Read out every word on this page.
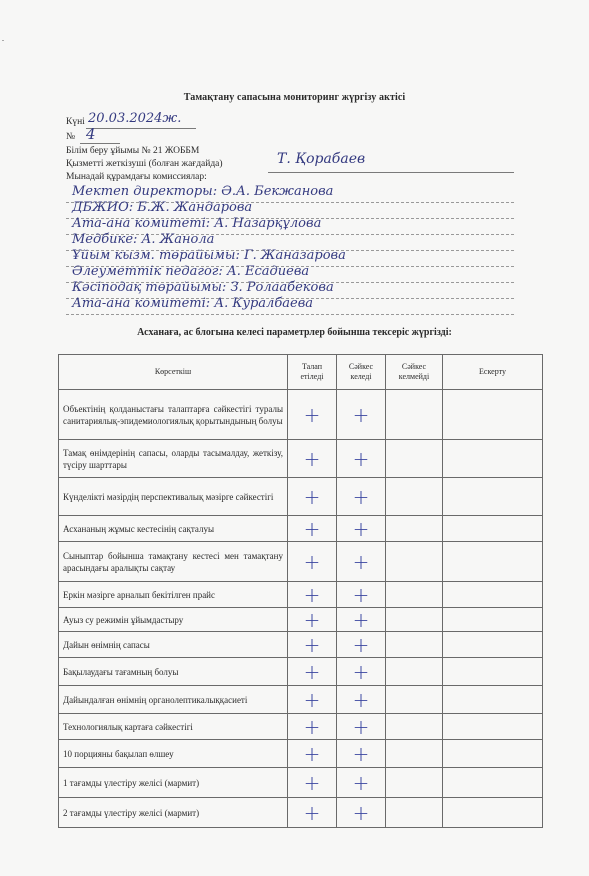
Тамақтану сапасына мониторинг жүргізу актісі
Күні 20.03.2024ж.
№ 4
Білім беру ұйымы № 21 ЖОББМ
Қызметті жеткізуші (болған жағдайда)	Т. Қорабаев
Мынадай құрамдағы комиссиялар:
Мектеп директоры: Ә.А. Бекжанова
ДБЖИО: Б.Ж. Жандарова
Ата-ана комитеті: А. Назарқұлова
Медбике: А. Жанола
Ұйым кызм. төрайымы: Г. Жаназарова
Әлеуметтік педагог: А. Есадиева
Кәсіподақ төрайымы: З. Ролаабекова
Ата-ана комитеті: А. Куралбаева
Асханаға, ас блогына келесі параметрлер бойынша тексеріс жүргізді:
Көрсеткіш	Талап етіледі	Сәйкес келеді	Сәйкес келмейді	Ескерту
Объектінің қолданыстағы талаптарға сәйкестігі туралы санитариялық-эпидемиологиялық қорытындының болуы	+	+		
Тамақ өнімдерінің сапасы, оларды тасымалдау, жеткізу, түсіру шарттары	+	+		
Күнделікті мәзірдің перспективалық мәзірге сәйкестігі	+	+		
Асхананың жұмыс кестесінің сақталуы	+	+		
Сыныптар бойынша тамақтану кестесі мен тамақтану арасындағы аралықты сақтау	+	+		
Еркін мәзірге арналып бекітілген прайс	+	+		
Ауыз су режимін ұйымдастыру	+	+		
Дайын өнімнің сапасы	+	+		
Бақылаудағы тағамның болуы	+	+		
Дайындалған өнімнің органолептикалыққасиеті	+	+		
Технологиялық картаға сәйкестігі	+	+		
10 порцияны бақылап өлшеу	+	+		
1 тағамды үлестіру желісі (мармит)	+	+		
2 тағамды үлестіру желісі (мармит)	+	+		
